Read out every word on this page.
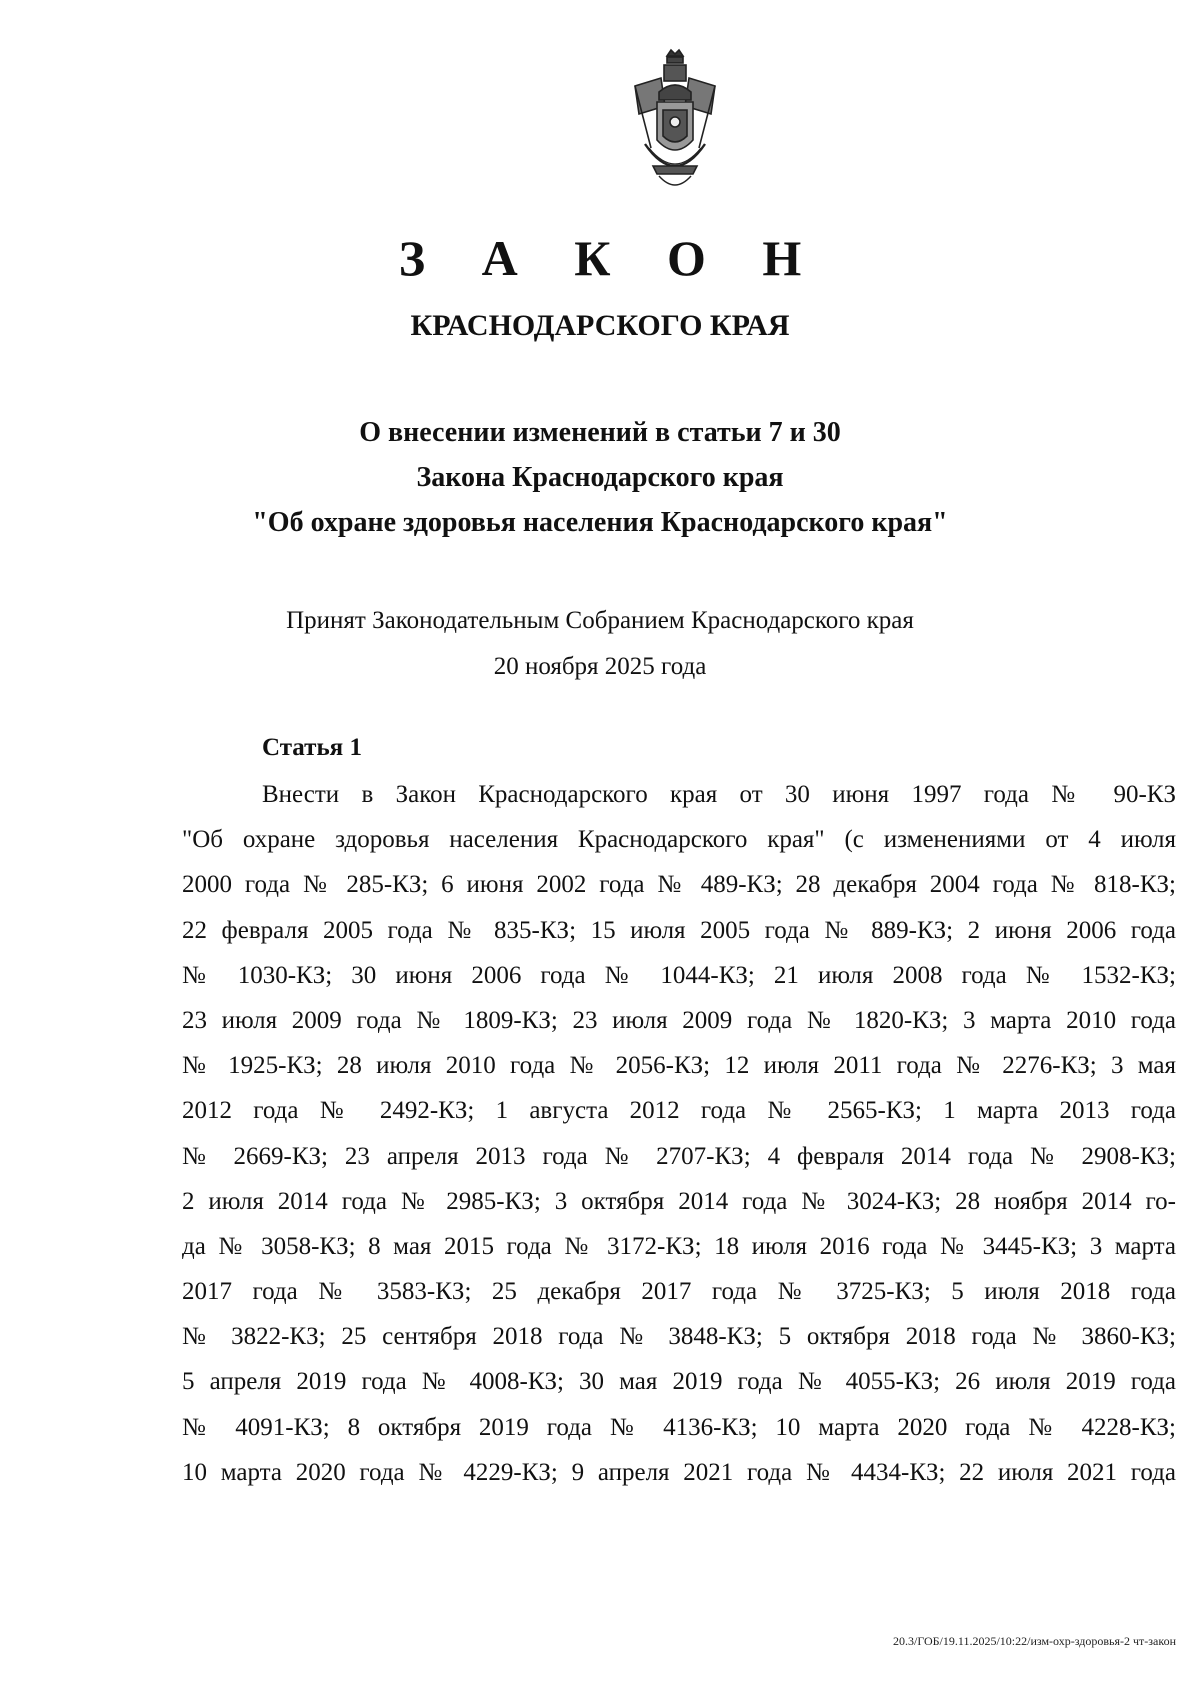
З А К О Н
КРАСНОДАРСКОГО КРАЯ
О внесении изменений в статьи 7 и 30
Закона Краснодарского края
"Об охране здоровья населения Краснодарского края"
Принят Законодательным Собранием Краснодарского края
20 ноября 2025 года
Статья 1
Внести в Закон Краснодарского края от 30 июня 1997 года № 90-КЗ
"Об охране здоровья населения Краснодарского края" (с изменениями от 4 июля
2000 года № 285-КЗ; 6 июня 2002 года № 489-КЗ; 28 декабря 2004 года № 818-КЗ;
22 февраля 2005 года № 835-КЗ; 15 июля 2005 года № 889-КЗ; 2 июня 2006 года
№ 1030-КЗ; 30 июня 2006 года № 1044-КЗ; 21 июля 2008 года № 1532-КЗ;
23 июля 2009 года № 1809-КЗ; 23 июля 2009 года № 1820-КЗ; 3 марта 2010 года
№ 1925-КЗ; 28 июля 2010 года № 2056-КЗ; 12 июля 2011 года № 2276-КЗ; 3 мая
2012 года № 2492-КЗ; 1 августа 2012 года № 2565-КЗ; 1 марта 2013 года
№ 2669-КЗ; 23 апреля 2013 года № 2707-КЗ; 4 февраля 2014 года № 2908-КЗ;
2 июля 2014 года № 2985-КЗ; 3 октября 2014 года № 3024-КЗ; 28 ноября 2014 го-
да № 3058-КЗ; 8 мая 2015 года № 3172-КЗ; 18 июля 2016 года № 3445-КЗ; 3 марта
2017 года № 3583-КЗ; 25 декабря 2017 года № 3725-КЗ; 5 июля 2018 года
№ 3822-КЗ; 25 сентября 2018 года № 3848-КЗ; 5 октября 2018 года № 3860-КЗ;
5 апреля 2019 года № 4008-КЗ; 30 мая 2019 года № 4055-КЗ; 26 июля 2019 года
№ 4091-КЗ; 8 октября 2019 года № 4136-КЗ; 10 марта 2020 года № 4228-КЗ;
10 марта 2020 года № 4229-КЗ; 9 апреля 2021 года № 4434-КЗ; 22 июля 2021 года
20.3/ГОБ/19.11.2025/10:22/изм-охр-здоровья-2 чт-закон
